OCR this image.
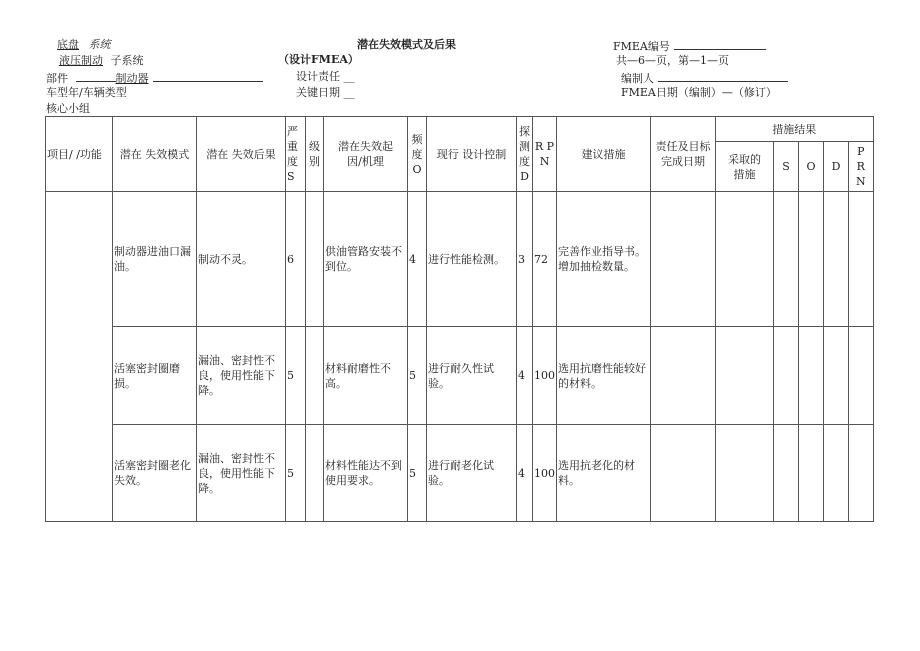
底盘 系统
液压制动 子系统
部件	制动器
车型年/车辆类型
核心小组
潜在失效模式及后果
（设计FMEA）
设计责任 __
关键日期 __
FMEA编号
共—6—页，第—1—页
编制人
FMEA日期（编制）—（修订）
项目/ /功能	潜在 失效模式	潜在 失效后果	严重度S	级别	潜在失效起因/机理	频度O	现行 设计控制	探测度D	R P N	建议措施	责任及目标完成日期	措施结果				
												采取的 措施	S	O	D	P R N
	制动器进油口漏油。	制动不灵。	6		供油管路安装不到位。	4	进行性能检测。	3	72	完善作业指导书。增加抽检数量。						
	活塞密封圈磨损。	漏油、密封性不良，使用性能下降。	5		材料耐磨性不高。	5	进行耐久性试验。	4	100	选用抗磨性能较好的材料。						
	活塞密封圈老化失效。	漏油、密封性不良，使用性能下降。	5		材料性能达不到使用要求。	5	进行耐老化试验。	4	100	选用抗老化的材料。						
